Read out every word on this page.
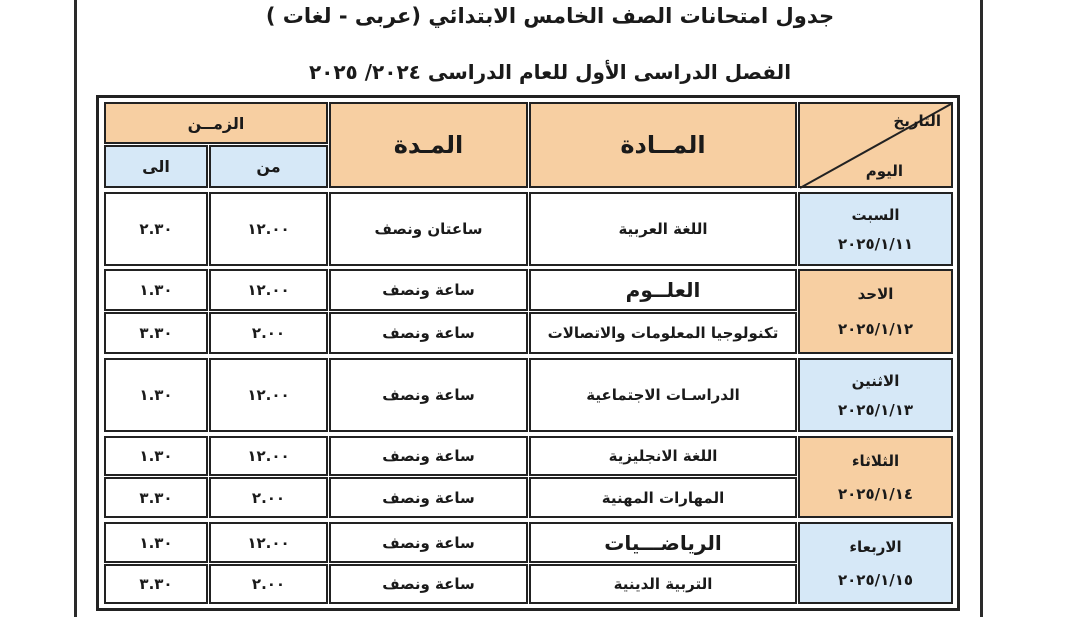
جدول امتحانات الصف الخامس الابتدائي (عربى - لغات )
الفصل الدراسى الأول للعام الدراسى ٢٠٢٤/ ٢٠٢٥
التاريخ
اليوم
المــادة
المـدة
الزمــن
من
الى
السبت
٢٠٢٥/١/١١
اللغة العربية
ساعتان ونصف
١٢.٠٠
٢.٣٠
الاحد
٢٠٢٥/١/١٢
العلــوم
ساعة ونصف
١٢.٠٠
١.٣٠
تكنولوجيا المعلومات والاتصالات
ساعة ونصف
٢.٠٠
٣.٣٠
الاثنين
٢٠٢٥/١/١٣
الدراسـات الاجتماعية
ساعة ونصف
١٢.٠٠
١.٣٠
الثلاثاء
٢٠٢٥/١/١٤
اللغة الانجليزية
ساعة ونصف
١٢.٠٠
١.٣٠
المهارات المهنية
ساعة ونصف
٢.٠٠
٣.٣٠
الاربعاء
٢٠٢٥/١/١٥
الرياضـــيات
ساعة ونصف
١٢.٠٠
١.٣٠
التربية الدينية
ساعة ونصف
٢.٠٠
٣.٣٠
